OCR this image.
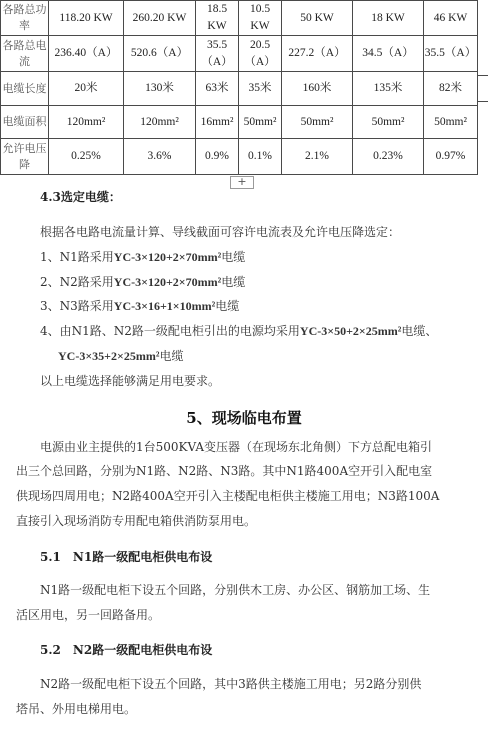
各路总功率	118.20 KW	260.20 KW	18.5 KW	10.5 KW	50 KW	18 KW	46 KW
各路总电流	236.40（A）	520.6（A）	35.5（A）	20.5（A）	227.2（A）	34.5（A）	35.5（A）
电缆长度	20米	130米	63米	35米	160米	135米	82米
电缆面积	120mm²	120mm²	16mm²	50mm²	50mm²	50mm²	50mm²
允许电压降	0.25%	3.6%	0.9%	0.1%	2.1%	0.23%	0.97%
+
4.3选定电缆：
根据各电路电流量计算、导线截面可容许电流表及允许电压降选定：
1、N1路采用YC-3×120+2×70mm²电缆
2、N2路采用YC-3×120+2×70mm²电缆
3、N3路采用YC-3×16+1×10mm²电缆
4、由N1路、N2路一级配电柜引出的电源均采用YC-3×50+2×25mm²电缆、
YC-3×35+2×25mm²电缆
以上电缆选择能够满足用电要求。
5、现场临电布置
电源由业主提供的1台500KVA变压器（在现场东北角侧）下方总配电箱引
出三个总回路，分别为N1路、N2路、N3路。其中N1路400A空开引入配电室
供现场四周用电；N2路400A空开引入主楼配电柜供主楼施工用电；N3路100A
直接引入现场消防专用配电箱供消防泵用电。
5.1　N1路一级配电柜供电布设
N1路一级配电柜下设五个回路，分别供木工房、办公区、钢筋加工场、生
活区用电，另一回路备用。
5.2　N2路一级配电柜供电布设
N2路一级配电柜下设五个回路，其中3路供主楼施工用电；另2路分别供
塔吊、外用电梯用电。
